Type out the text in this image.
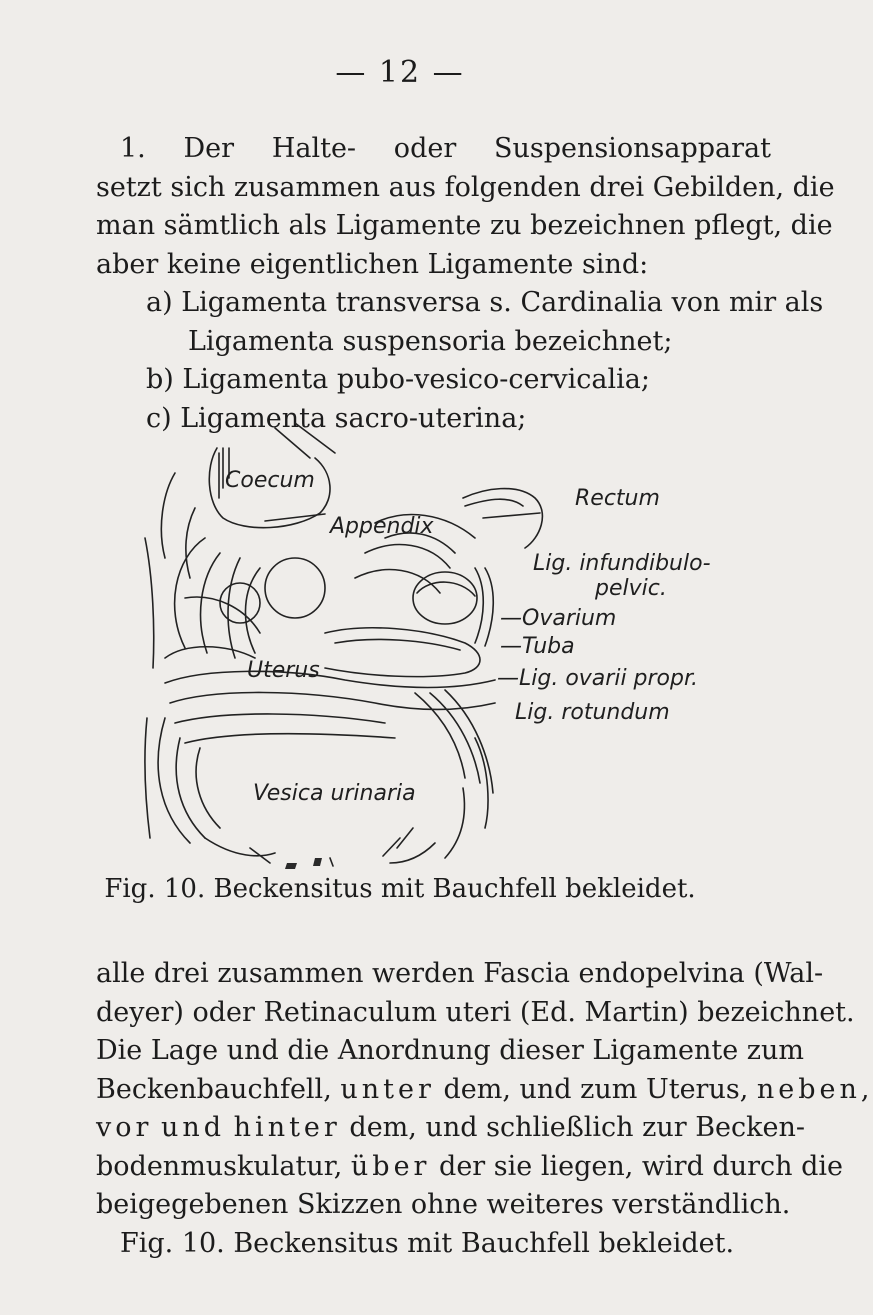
— 12 —
1. Der Halte- oder Suspensionsapparat
setzt sich zusammen aus folgenden drei Gebilden, die
man sämtlich als Ligamente zu bezeichnen pflegt, die
aber keine eigentlichen Ligamente sind:
a) Ligamenta transversa s. Cardinalia von mir als
Ligamenta suspensoria bezeichnet;
b) Ligamenta pubo-vesico-cervicalia;
c) Ligamenta sacro-uterina;
Coecum
Appendix
Rectum
Lig. infundibulo-
pelvic.
—Ovarium
—Tuba
Uterus	—Lig. ovarii propr.
Lig. rotundum
Vesica urinaria
Fig. 10. Beckensitus mit Bauchfell bekleidet.
alle drei zusammen werden Fascia endopelvina (Wal-
deyer) oder Retinaculum uteri (Ed. Martin) bezeichnet.
Die Lage und die Anordnung dieser Ligamente zum
Beckenbauchfell, unter dem, und zum Uterus, neben,
vor und hinter dem, und schließlich zur Becken-
bodenmuskulatur, über der sie liegen, wird durch die
beigegebenen Skizzen ohne weiteres verständlich.
Fig. 10. Beckensitus mit Bauchfell bekleidet.
